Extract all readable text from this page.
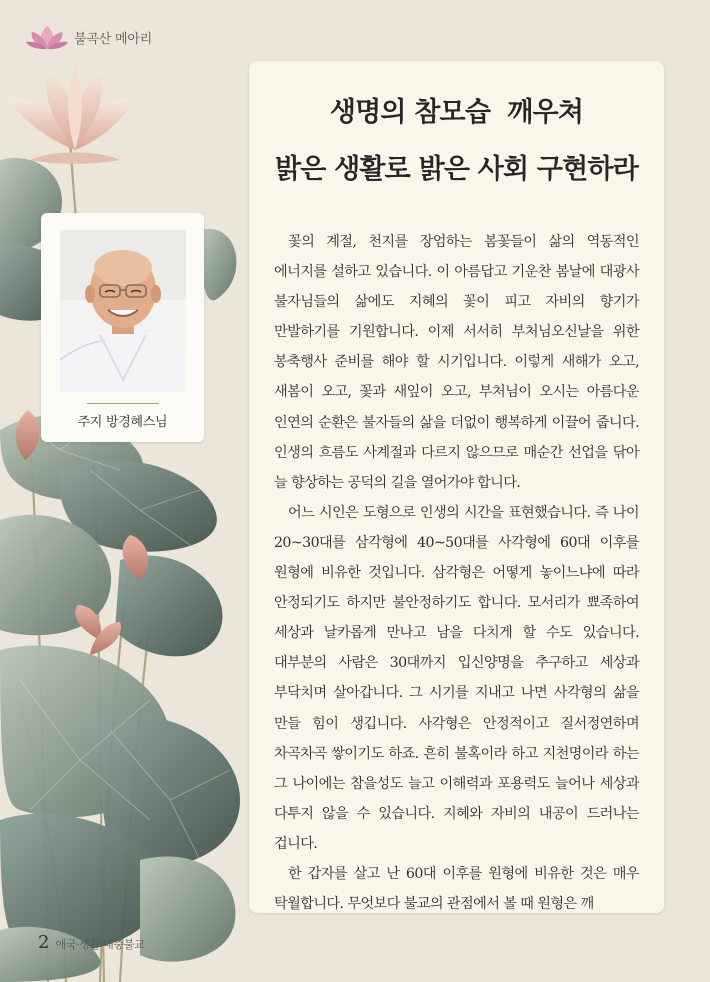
불곡산 메아리
주지 방경혜스님
생명의 참모습  깨우쳐
밝은 생활로 밝은 사회 구현하라

꽃의 계절, 천지를 장엄하는 봄꽃들이 삶의 역동적인 에너지를 설하고 있습니다. 이 아름답고 기운찬 봄날에 대광사 불자님들의 삶에도 지혜의 꽃이 피고 자비의 향기가 만발하기를 기원합니다. 이제 서서히 부처님오신날을 위한 봉축행사 준비를 해야 할 시기입니다. 이렇게 새해가 오고, 새봄이 오고, 꽃과 새잎이 오고, 부처님이 오시는 아름다운 인연의 순환은 불자들의 삶을 더없이 행복하게 이끌어 줍니다. 인생의 흐름도 사계절과 다르지 않으므로 매순간 선업을 닦아 늘 향상하는 공덕의 길을 열어가야 합니다.

어느 시인은 도형으로 인생의 시간을 표현했습니다. 즉 나이 20~30대를 삼각형에 40~50대를 사각형에 60대 이후를 원형에 비유한 것입니다. 삼각형은 어떻게 놓이느냐에 따라 안정되기도 하지만 불안정하기도 합니다. 모서리가 뾰족하여 세상과 날카롭게 만나고 남을 다치게 할 수도 있습니다. 대부분의 사람은 30대까지 입신양명을 추구하고 세상과 부닥치며 살아갑니다. 그 시기를 지내고 나면 사각형의 삶을 만들 힘이 생깁니다. 사각형은 안정적이고 질서정연하며 차곡차곡 쌓이기도 하죠. 흔히 불혹이라 하고 지천명이라 하는 그 나이에는 참을성도 늘고 이해력과 포용력도 늘어나 세상과 다투지 않을 수 있습니다. 지혜와 자비의 내공이 드러나는 겁니다.

한 갑자를 살고 난 60대 이후를 원형에 비유한 것은 매우 탁월합니다. 무엇보다 불교의 관점에서 볼 때 원형은 깨

2 애국·생활·대중불교
